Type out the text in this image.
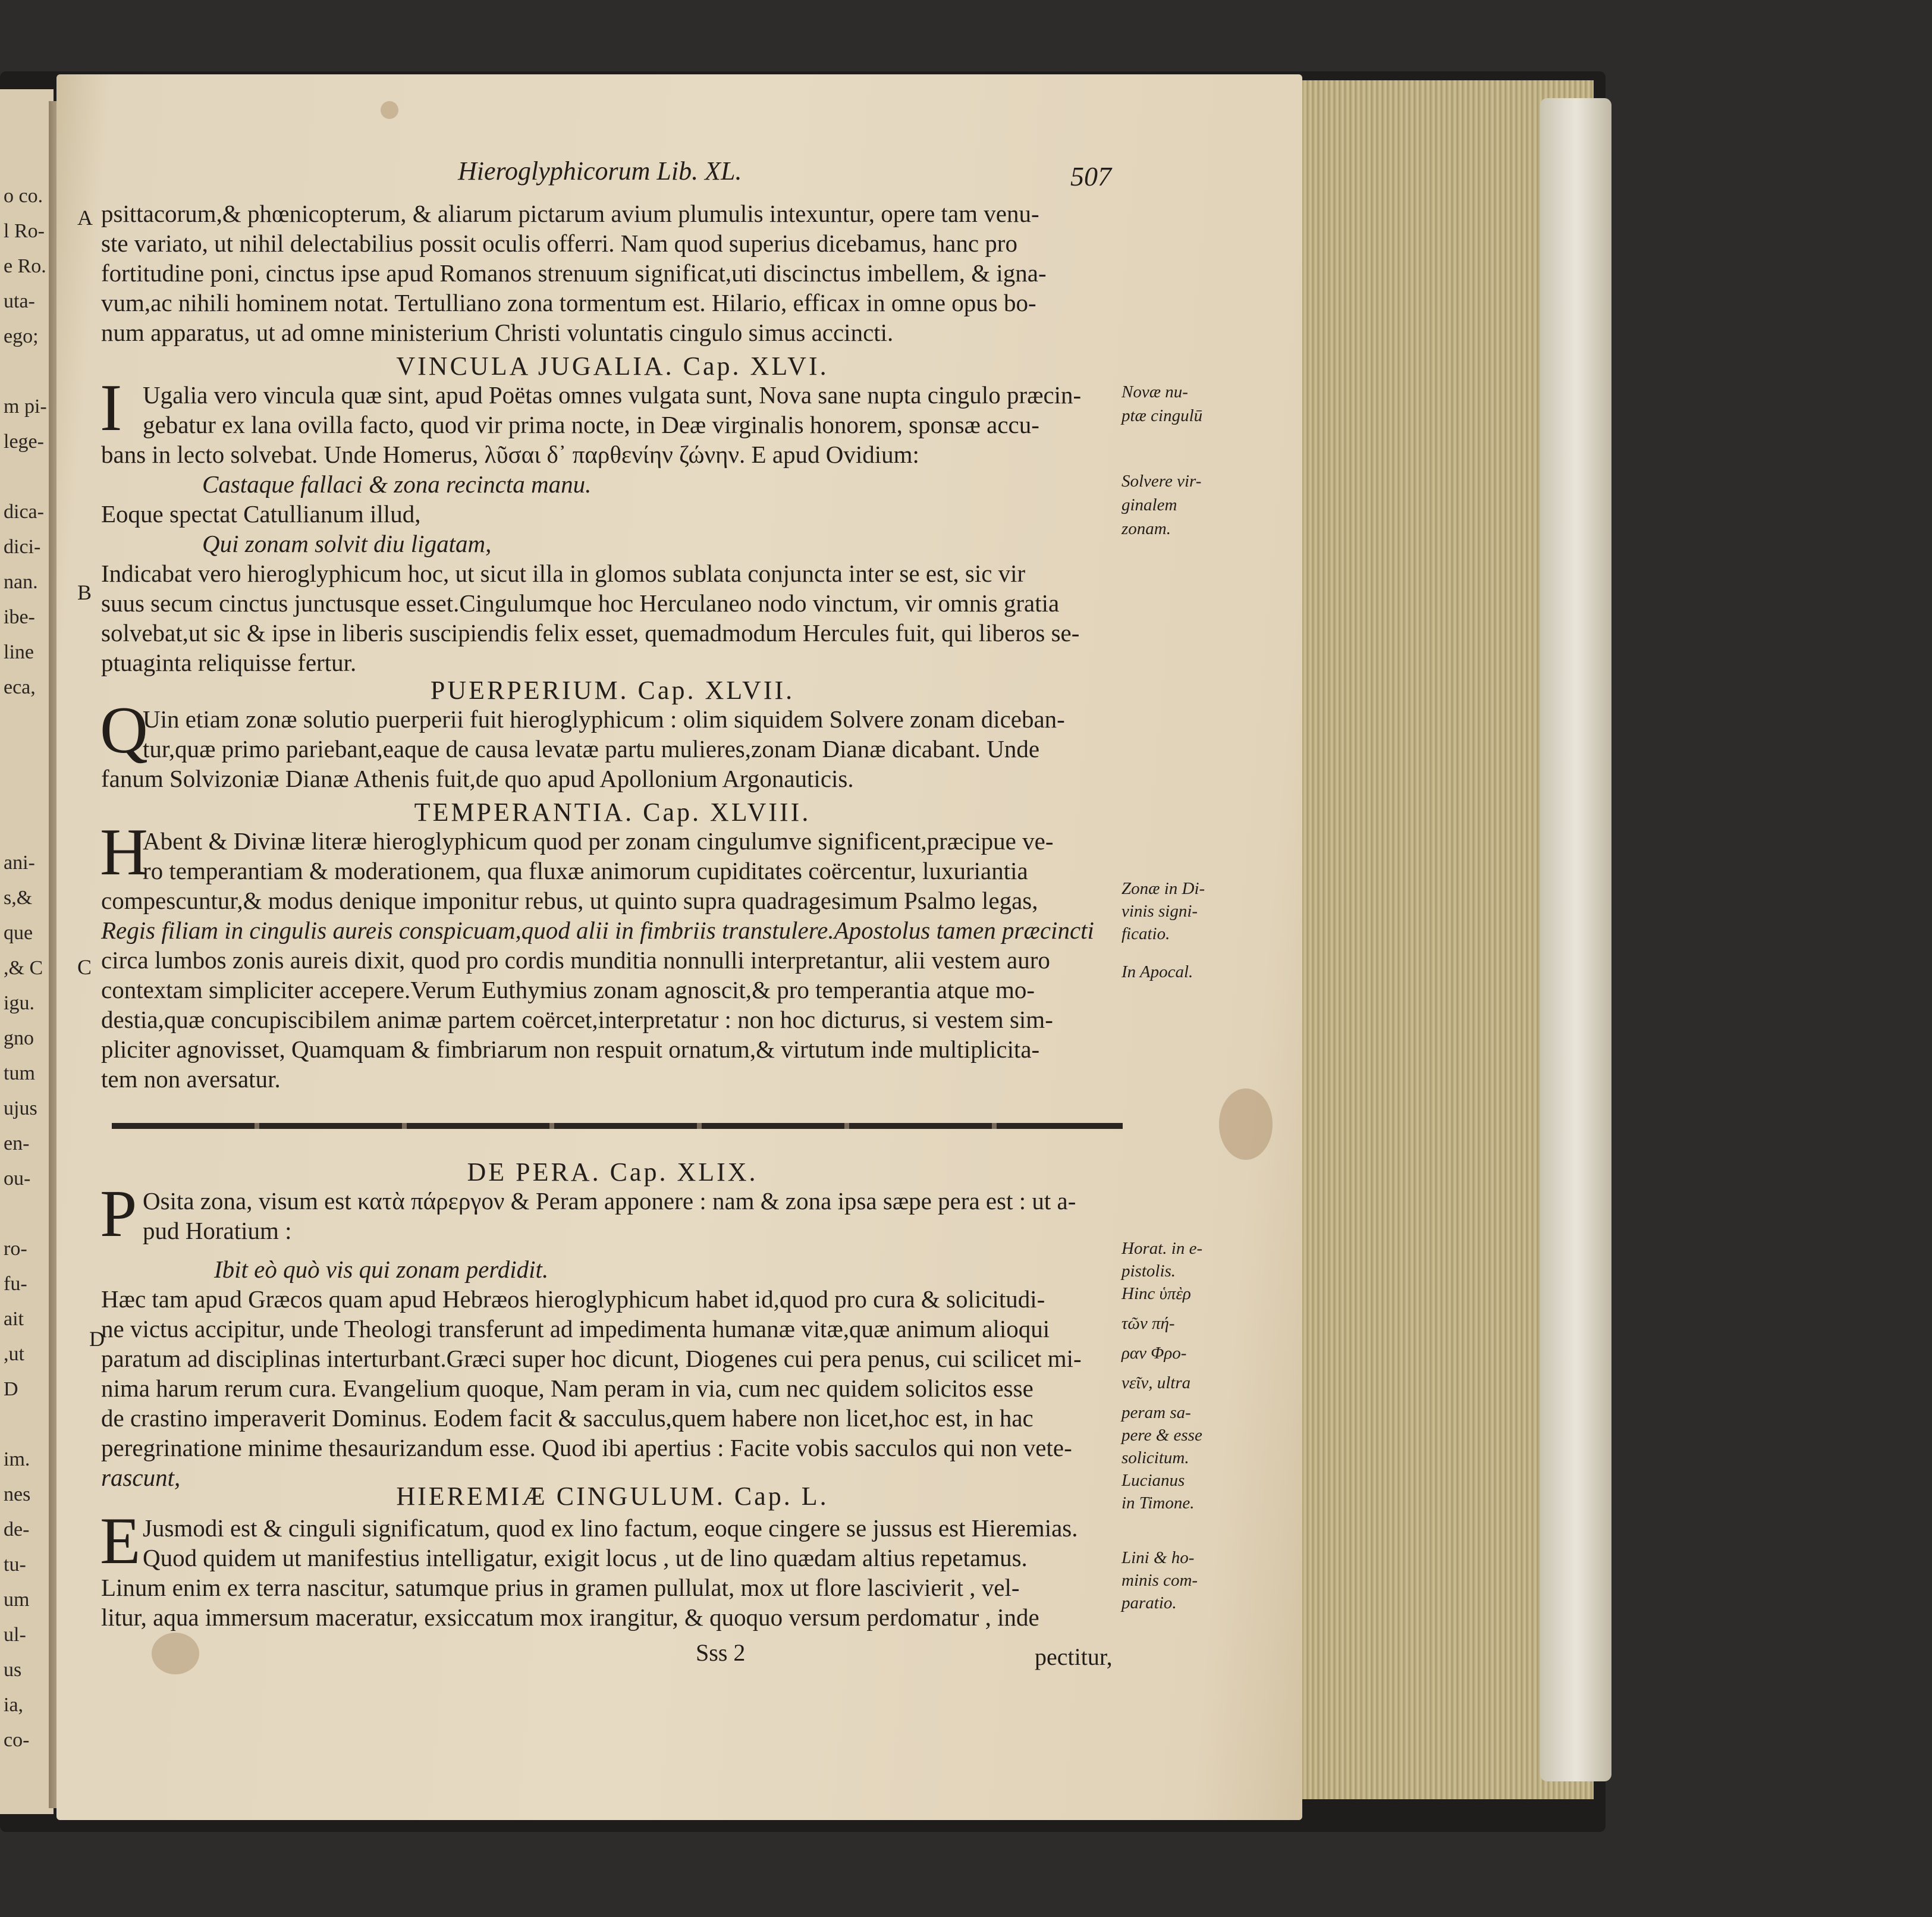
o co.
l Ro-
e Ro.
uta-
ego;
m pi-
lege-
dica-
dici-
nan.
ibe-
line
eca,
ani-
s,&
que
,& C
igu.
gno
tum
ujus
en-
ou-
ro-
fu-
ait
,ut
D
im.
nes
de-
tu-
um
ul-
us
ia,
co-
Hieroglyphicorum Lib. XL.	507
A
B
C
D
psittacorum,& phœnicopterum, & aliarum pictarum avium plumulis intexuntur, opere tam venu-
ste variato, ut nihil delectabilius possit oculis offerri. Nam quod superius dicebamus, hanc pro
fortitudine poni, cinctus ipse apud Romanos strenuum significat,uti discinctus imbellem, & igna-
vum,ac nihili hominem notat. Tertulliano zona tormentum est. Hilario, efficax in omne opus bo-
num apparatus, ut ad omne ministerium Christi voluntatis cingulo simus accincti.
VINCULA JUGALIA. Cap. XLVI.
I Ugalia vero vincula quæ sint, apud Poëtas omnes vulgata sunt, Nova sane nupta cingulo præcin-
gebatur ex lana ovilla facto, quod vir prima nocte, in Deæ virginalis honorem, sponsæ accu-
bans in lecto solvebat. Unde Homerus, λῦσαι δ᾽ παρθενίην ζώνην. E apud Ovidium:
Castaque fallaci & zona recincta manu.
Eoque spectat Catullianum illud,
Qui zonam solvit diu ligatam,
Indicabat vero hieroglyphicum hoc, ut sicut illa in glomos sublata conjuncta inter se est, sic vir
suus secum cinctus junctusque esset.Cingulumque hoc Herculaneo nodo vinctum, vir omnis gratia
solvebat,ut sic & ipse in liberis suscipiendis felix esset, quemadmodum Hercules fuit, qui liberos se-
ptuaginta reliquisse fertur.
PUERPERIUM. Cap. XLVII.
Q
Uin etiam zonæ solutio puerperii fuit hieroglyphicum : olim siquidem Solvere zonam diceban-
tur,quæ primo pariebant,eaque de causa levatæ partu mulieres,zonam Dianæ dicabant. Unde
fanum Solvizoniæ Dianæ Athenis fuit,de quo apud Apollonium Argonauticis.
TEMPERANTIA. Cap. XLVIII.
H
Abent & Divinæ literæ hieroglyphicum quod per zonam cingulumve significent,præcipue ve-
ro temperantiam & moderationem, qua fluxæ animorum cupiditates coërcentur, luxuriantia
compescuntur,& modus denique imponitur rebus, ut quinto supra quadragesimum Psalmo legas,
Regis filiam in cingulis aureis conspicuam,quod alii in fimbriis transtulere.Apostolus tamen præcincti
circa lumbos zonis aureis dixit, quod pro cordis munditia nonnulli interpretantur, alii vestem auro
contextam simpliciter accepere.Verum Euthymius zonam agnoscit,& pro temperantia atque mo-
destia,quæ concupiscibilem animæ partem coërcet,interpretatur : non hoc dicturus, si vestem sim-
pliciter agnovisset, Quamquam & fimbriarum non respuit ornatum,& virtutum inde multiplicita-
tem non aversatur.
DE PERA. Cap. XLIX.
P Osita zona, visum est κατὰ πάρεργον & Peram apponere : nam & zona ipsa sæpe pera est : ut a-
pud Horatium :
Ibit eò quò vis qui zonam perdidit.
Hæc tam apud Græcos quam apud Hebræos hieroglyphicum habet id,quod pro cura & solicitudi-
ne victus accipitur, unde Theologi transferunt ad impedimenta humanæ vitæ,quæ animum alioqui
paratum ad disciplinas interturbant.Græci super hoc dicunt, Diogenes cui pera penus, cui scilicet mi-
nima harum rerum cura. Evangelium quoque, Nam peram in via, cum nec quidem solicitos esse
de crastino imperaverit Dominus. Eodem facit & sacculus,quem habere non licet,hoc est, in hac
peregrinatione minime thesaurizandum esse. Quod ibi apertius : Facite vobis sacculos qui non vete-
rascunt,
HIEREMIÆ CINGULUM. Cap. L.
E Jusmodi est & cinguli significatum, quod ex lino factum, eoque cingere se jussus est Hieremias.
Quod quidem ut manifestius intelligatur, exigit locus , ut de lino quædam altius repetamus.
Linum enim ex terra nascitur, satumque prius in gramen pullulat, mox ut flore lascivierit , vel-
litur, aqua immersum maceratur, exsiccatum mox irangitur, & quoquo versum perdomatur , inde
Novæ nu-
ptæ cingulū
Solvere vir-
ginalem
zonam.
Zonæ in Di-
vinis signi-
ficatio.
In Apocal.
Horat. in e-
pistolis.
Hinc ὑπὲρ
τῶν πή-
ραν Φρο-
νεῖν, ultra
peram sa-
pere & esse
solicitum.
Lucianus
in Timone.
Lini & ho-
minis com-
paratio.
Sss 2	pectitur,
